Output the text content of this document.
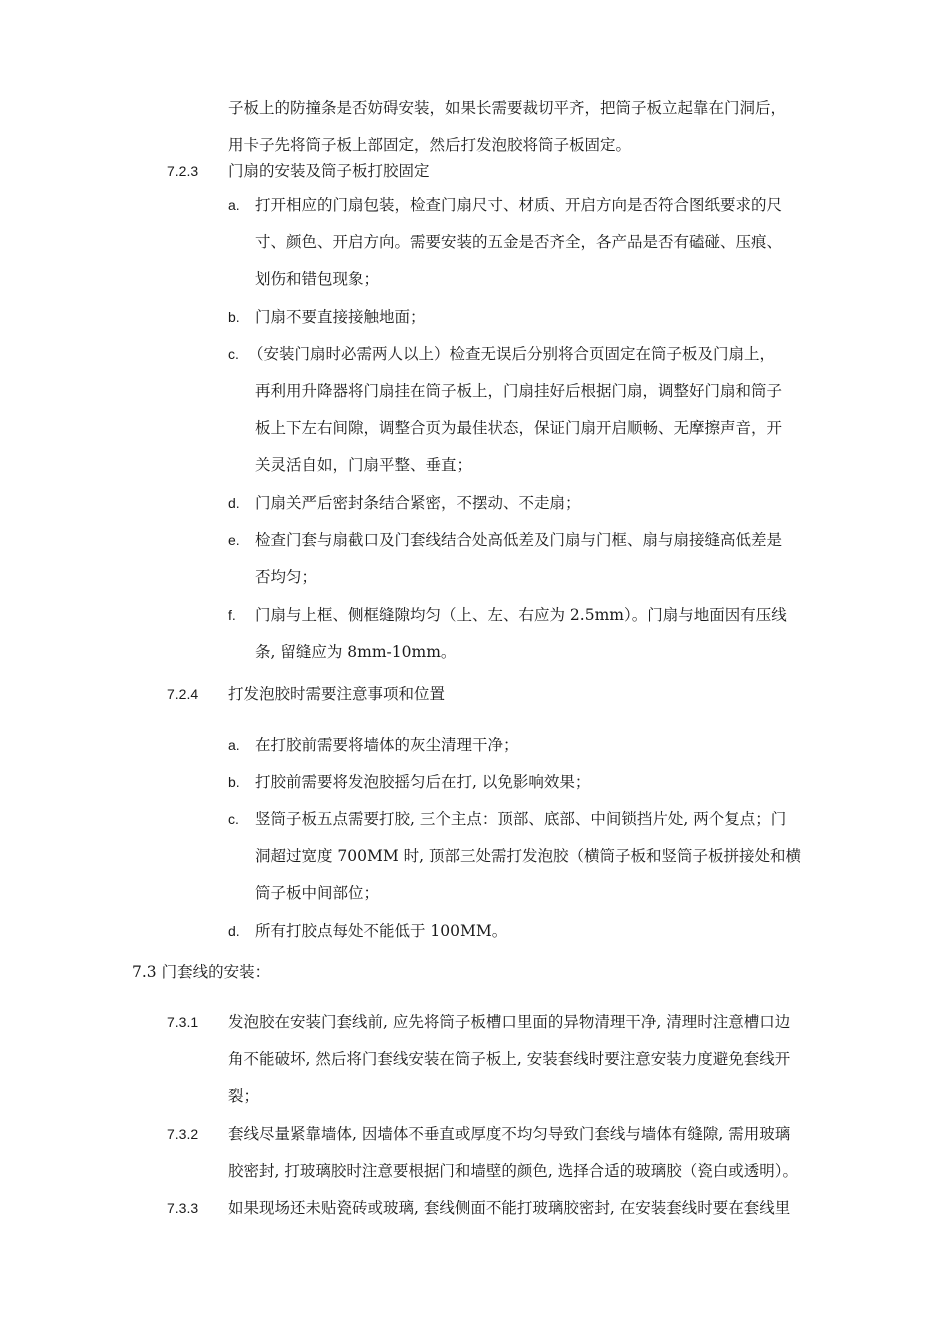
子板上的防撞条是否妨碍安装，如果长需要裁切平齐，把筒子板立起靠在门洞后，
用卡子先将筒子板上部固定，然后打发泡胶将筒子板固定。
7.2.3 门扇的安装及筒子板打胶固定
a. 打开相应的门扇包装，检查门扇尺寸、材质、开启方向是否符合图纸要求的尺
寸、颜色、开启方向。需要安装的五金是否齐全，各产品是否有磕碰、压痕、
划伤和错包现象；
b. 门扇不要直接接触地面；
c. （安装门扇时必需两人以上）检查无误后分别将合页固定在筒子板及门扇上，
再利用升降器将门扇挂在筒子板上，门扇挂好后根据门扇，调整好门扇和筒子
板上下左右间隙，调整合页为最佳状态，保证门扇开启顺畅、无摩擦声音，开
关灵活自如，门扇平整、垂直；
d. 门扇关严后密封条结合紧密，不摆动、不走扇；
e. 检查门套与扇截口及门套线结合处高低差及门扇与门框、扇与扇接缝高低差是
否均匀；
f. 门扇与上框、侧框缝隙均匀（上、左、右应为 2.5mm）。门扇与地面因有压线
条, 留缝应为 8mm-10mm。
7.2.4 打发泡胶时需要注意事项和位置
a. 在打胶前需要将墙体的灰尘清理干净；
b. 打胶前需要将发泡胶摇匀后在打, 以免影响效果；
c. 竖筒子板五点需要打胶, 三个主点：顶部、底部、中间锁挡片处, 两个复点；门
洞超过宽度 700MM 时, 顶部三处需打发泡胶（横筒子板和竖筒子板拼接处和横
筒子板中间部位；
d. 所有打胶点每处不能低于 100MM。
7.3 门套线的安装：
7.3.1 发泡胶在安装门套线前, 应先将筒子板槽口里面的异物清理干净, 清理时注意槽口边
角不能破坏, 然后将门套线安装在筒子板上, 安装套线时要注意安装力度避免套线开
裂；
7.3.2 套线尽量紧靠墙体, 因墙体不垂直或厚度不均匀导致门套线与墙体有缝隙, 需用玻璃
胶密封, 打玻璃胶时注意要根据门和墙壁的颜色, 选择合适的玻璃胶（瓷白或透明）。
7.3.3 如果现场还未贴瓷砖或玻璃, 套线侧面不能打玻璃胶密封, 在安装套线时要在套线里
